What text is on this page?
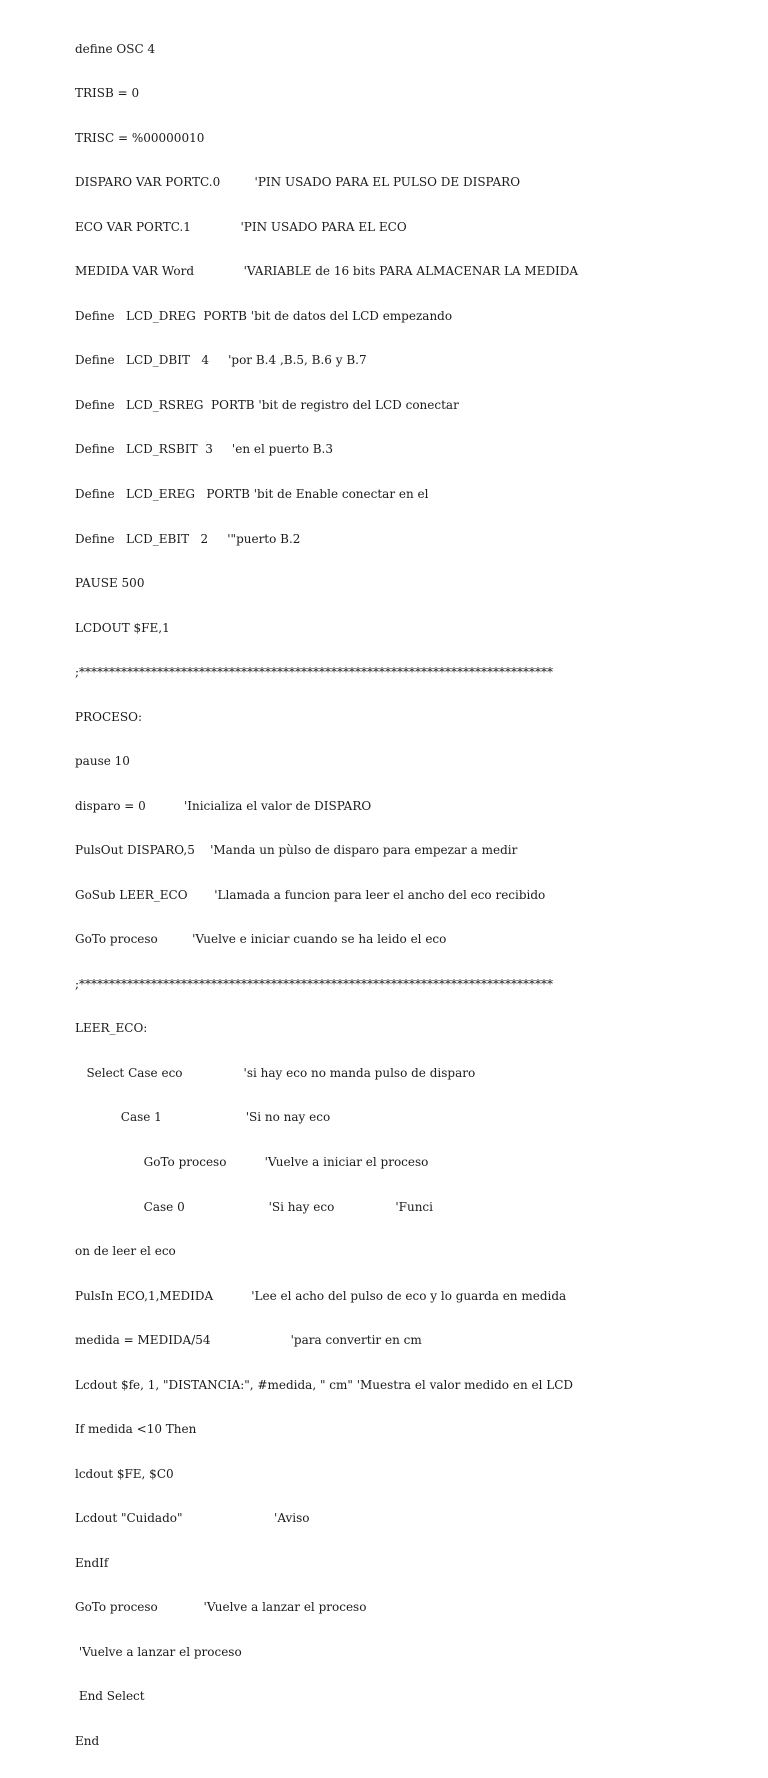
define OSC 4

TRISB = 0

TRISC = %00000010

DISPARO VAR PORTC.0         'PIN USADO PARA EL PULSO DE DISPARO

ECO VAR PORTC.1             'PIN USADO PARA EL ECO

MEDIDA VAR Word             'VARIABLE de 16 bits PARA ALMACENAR LA MEDIDA

Define   LCD_DREG  PORTB 'bit de datos del LCD empezando

Define   LCD_DBIT   4     'por B.4 ,B.5, B.6 y B.7

Define   LCD_RSREG  PORTB 'bit de registro del LCD conectar

Define   LCD_RSBIT  3     'en el puerto B.3

Define   LCD_EREG   PORTB 'bit de Enable conectar en el

Define   LCD_EBIT   2     '"puerto B.2

PAUSE 500

LCDOUT $FE,1

;*******************************************************************************

PROCESO:

pause 10

disparo = 0          'Inicializa el valor de DISPARO

PulsOut DISPARO,5    'Manda un pùlso de disparo para empezar a medir

GoSub LEER_ECO       'Llamada a funcion para leer el ancho del eco recibido

GoTo proceso         'Vuelve e iniciar cuando se ha leido el eco

;*******************************************************************************

LEER_ECO:

Select Case eco                'si hay eco no manda pulso de disparo

Case 1                      'Si no nay eco

GoTo proceso          'Vuelve a iniciar el proceso

Case 0                      'Si hay eco                'Funci

on de leer el eco

PulsIn ECO,1,MEDIDA          'Lee el acho del pulso de eco y lo guarda en medida

medida = MEDIDA/54                     'para convertir en cm

Lcdout $fe, 1, "DISTANCIA:", #medida, " cm" 'Muestra el valor medido en el LCD

If medida <10 Then

lcdout $FE, $C0

Lcdout "Cuidado"                        'Aviso

EndIf

GoTo proceso            'Vuelve a lanzar el proceso

'Vuelve a lanzar el proceso

End Select

End
